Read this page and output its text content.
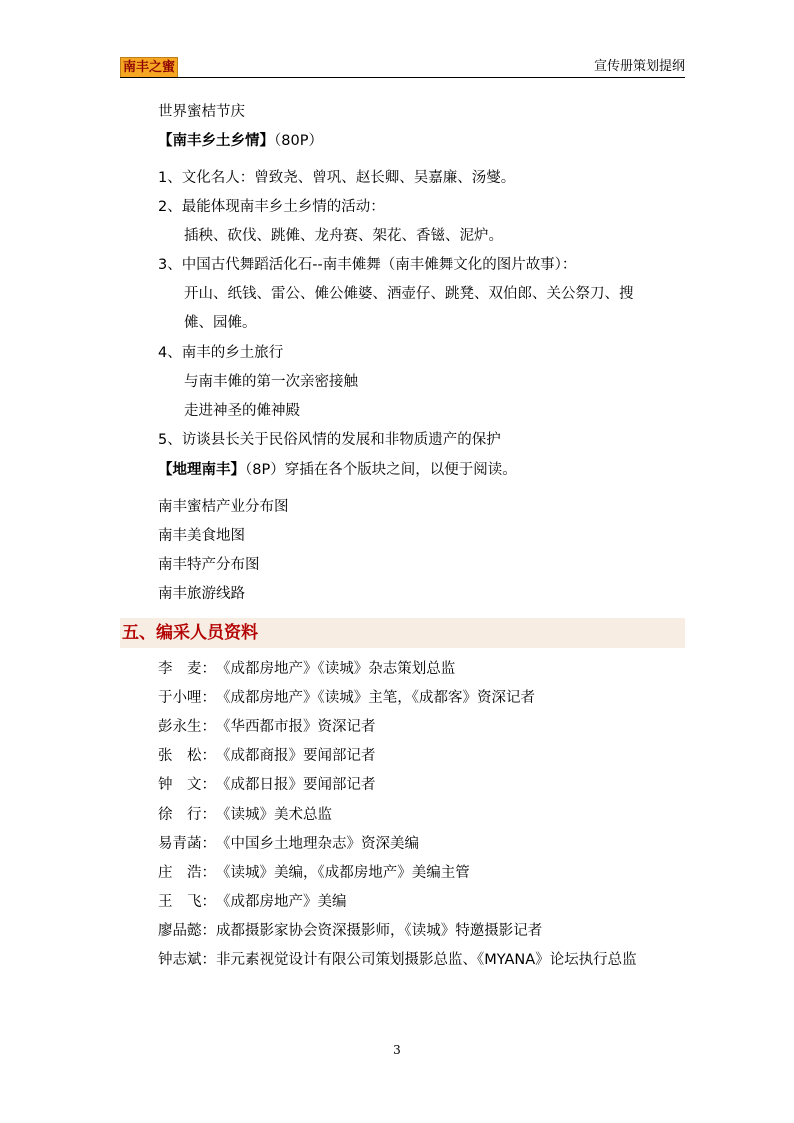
南丰之蜜	宣传册策划提纲
世界蜜桔节庆
【南丰乡土乡情】（80P）
1、文化名人：曾致尧、曾巩、赵长卿、吴嘉廉、汤燮。
2、最能体现南丰乡土乡情的活动：
插秧、砍伐、跳傩、龙舟赛、架花、香镃、泥炉。
3、中国古代舞蹈活化石--南丰傩舞（南丰傩舞文化的图片故事）：
开山、纸钱、雷公、傩公傩婆、酒壶仔、跳凳、双伯郎、关公祭刀、搜
傩、园傩。
4、南丰的乡土旅行
与南丰傩的第一次亲密接触
走进神圣的傩神殿
5、访谈县长关于民俗风情的发展和非物质遗产的保护
【地理南丰】（8P）穿插在各个版块之间，以便于阅读。
南丰蜜桔产业分布图
南丰美食地图
南丰特产分布图
南丰旅游线路
五、编采人员资料
李　麦：《成都房地产》《读城》杂志策划总监
于小哩：《成都房地产》《读城》主笔，《成都客》资深记者
彭永生：《华西都市报》资深记者
张　松：《成都商报》要闻部记者
钟　文：《成都日报》要闻部记者
徐　行：《读城》美术总监
易青菡：《中国乡土地理杂志》资深美编
庄　浩：《读城》美编，《成都房地产》美编主管
王　飞：《成都房地产》美编
廖品懿：成都摄影家协会资深摄影师，《读城》特邀摄影记者
钟志斌：非元素视觉设计有限公司策划摄影总监、《MYANA》论坛执行总监
3
